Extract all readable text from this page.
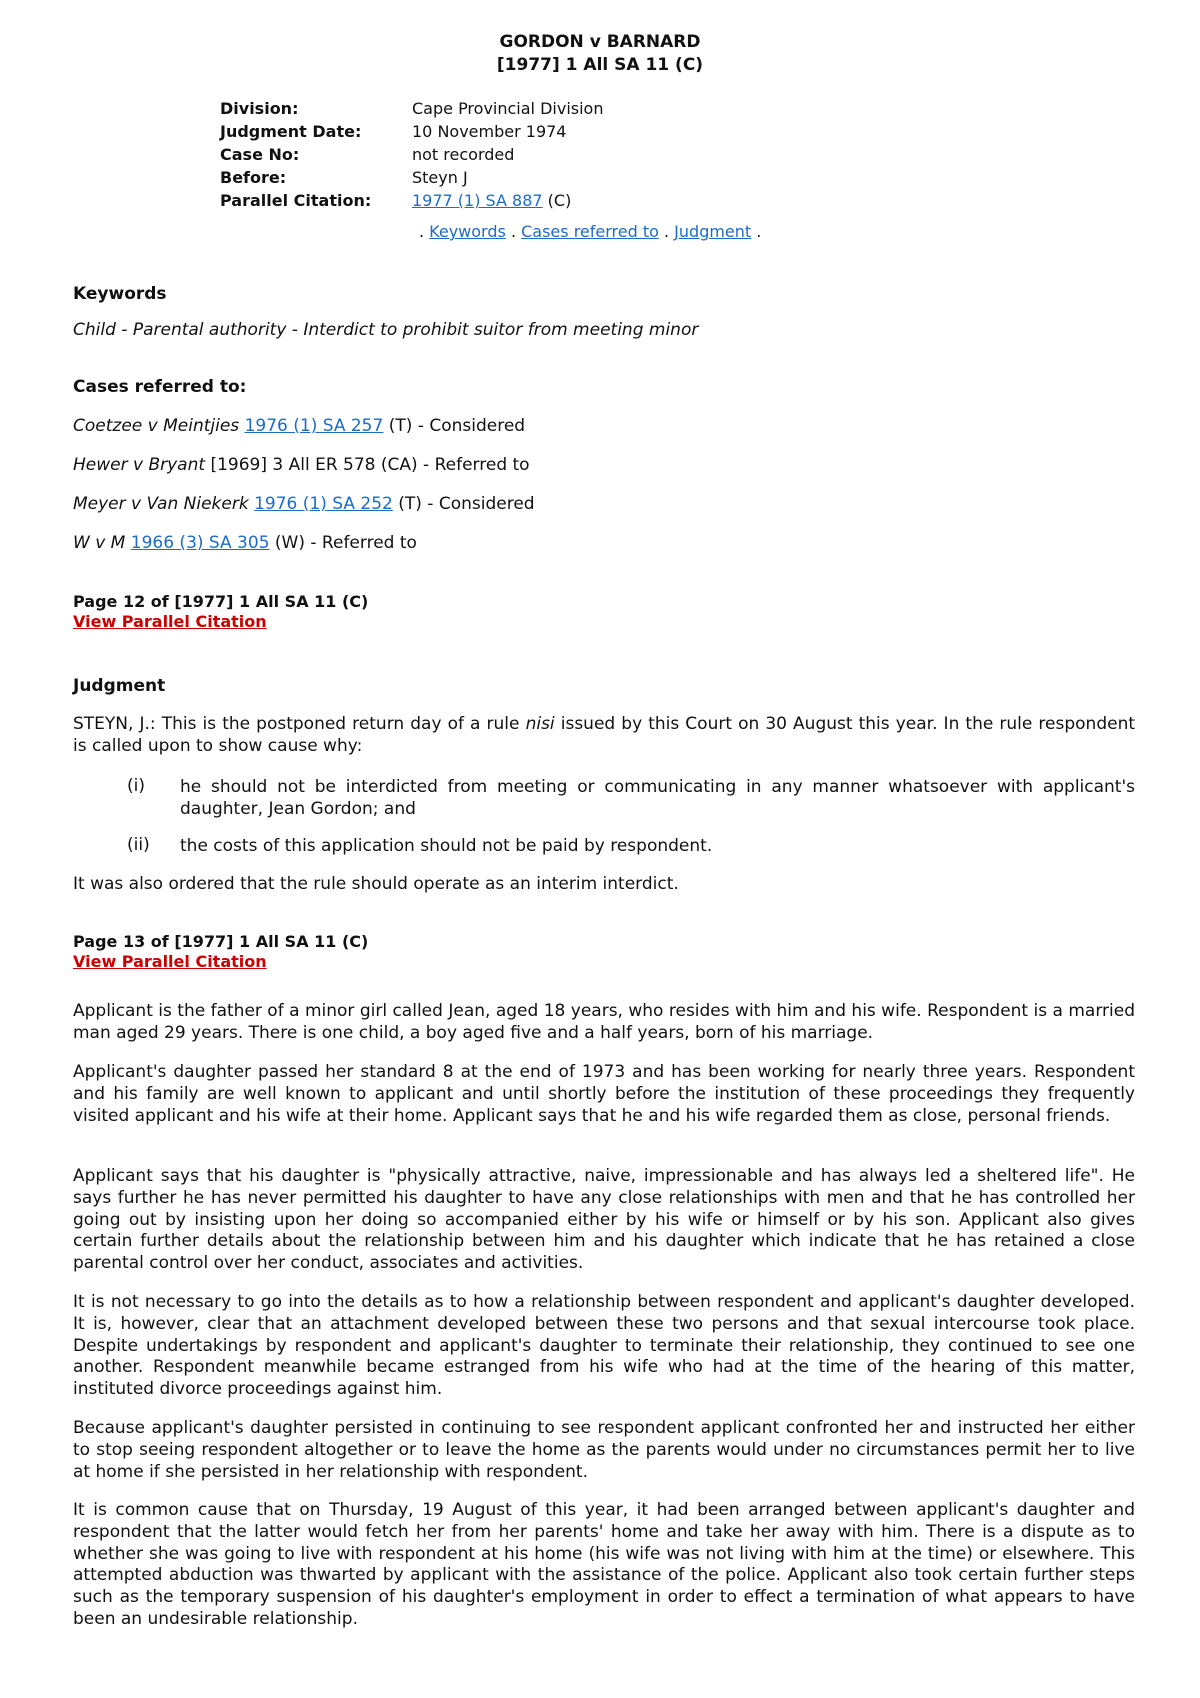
GORDON v BARNARD
[1977] 1 All SA 11 (C)
Division:	Cape Provincial Division
Judgment Date:	10 November 1974
Case No:	not recorded
Before:	Steyn J
Parallel Citation:	1977 (1) SA 887 (C)
. Keywords . Cases referred to . Judgment .
Keywords
Child - Parental authority - Interdict to prohibit suitor from meeting minor
Cases referred to:
Coetzee v Meintjies 1976 (1) SA 257 (T) - Considered
Hewer v Bryant [1969] 3 All ER 578 (CA) - Referred to
Meyer v Van Niekerk 1976 (1) SA 252 (T) - Considered
W v M 1966 (3) SA 305 (W) - Referred to
Page 12 of [1977] 1 All SA 11 (C)
View Parallel Citation
Judgment
STEYN, J.: This is the postponed return day of a rule nisi issued by this Court on 30 August this year. In the rule respondent is called upon to show cause why:
(i) he should not be interdicted from meeting or communicating in any manner whatsoever with applicant's daughter, Jean Gordon; and
(ii) the costs of this application should not be paid by respondent.
It was also ordered that the rule should operate as an interim interdict.
Page 13 of [1977] 1 All SA 11 (C)
View Parallel Citation
Applicant is the father of a minor girl called Jean, aged 18 years, who resides with him and his wife. Respondent is a married man aged 29 years. There is one child, a boy aged five and a half years, born of his marriage.
Applicant's daughter passed her standard 8 at the end of 1973 and has been working for nearly three years. Respondent and his family are well known to applicant and until shortly before the institution of these proceedings they frequently visited applicant and his wife at their home. Applicant says that he and his wife regarded them as close, personal friends.
Applicant says that his daughter is "physically attractive, naive, impressionable and has always led a sheltered life". He says further he has never permitted his daughter to have any close relationships with men and that he has controlled her going out by insisting upon her doing so accompanied either by his wife or himself or by his son. Applicant also gives certain further details about the relationship between him and his daughter which indicate that he has retained a close parental control over her conduct, associates and activities.
It is not necessary to go into the details as to how a relationship between respondent and applicant's daughter developed. It is, however, clear that an attachment developed between these two persons and that sexual intercourse took place. Despite undertakings by respondent and applicant's daughter to terminate their relationship, they continued to see one another. Respondent meanwhile became estranged from his wife who had at the time of the hearing of this matter, instituted divorce proceedings against him.
Because applicant's daughter persisted in continuing to see respondent applicant confronted her and instructed her either to stop seeing respondent altogether or to leave the home as the parents would under no circumstances permit her to live at home if she persisted in her relationship with respondent.
It is common cause that on Thursday, 19 August of this year, it had been arranged between applicant's daughter and respondent that the latter would fetch her from her parents' home and take her away with him. There is a dispute as to whether she was going to live with respondent at his home (his wife was not living with him at the time) or elsewhere. This attempted abduction was thwarted by applicant with the assistance of the police. Applicant also took certain further steps such as the temporary suspension of his daughter's employment in order to effect a termination of what appears to have been an undesirable relationship.
